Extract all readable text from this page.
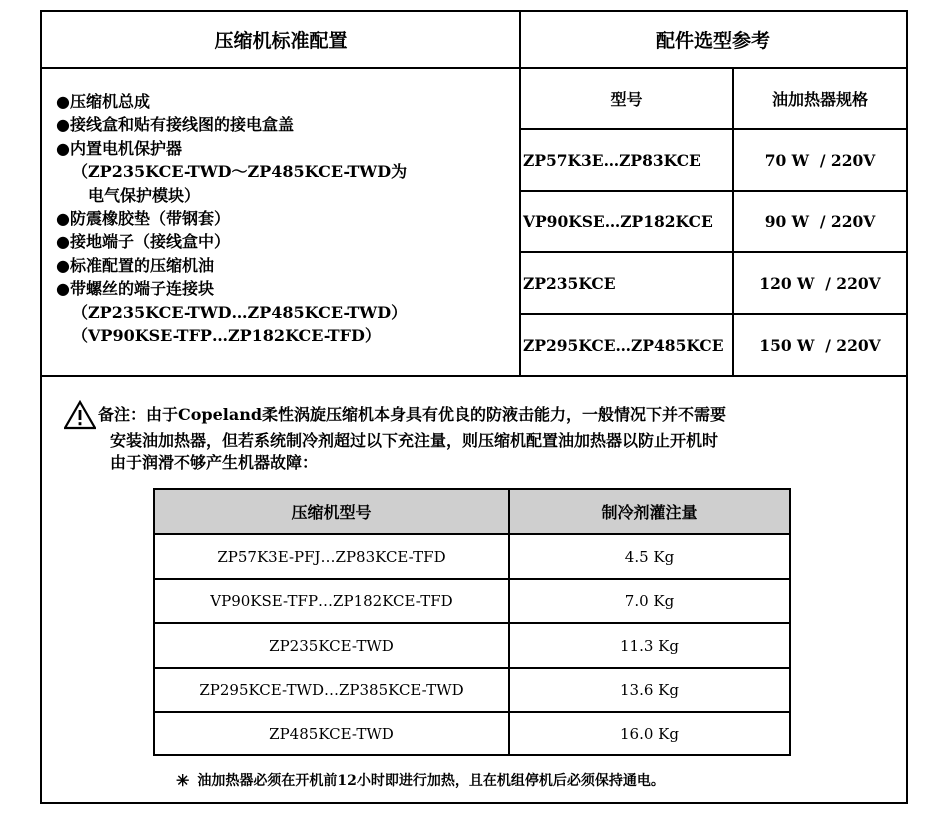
压缩机标准配置	配件选型参考
●压缩机总成
●接线盒和贴有接线图的接电盒盖
●内置电机保护器
（ZP235KCE-TWD～ZP485KCE-TWD为
电气保护模块）
●防震橡胶垫（带钢套）
●接地端子（接线盒中）
●标准配置的压缩机油
●带螺丝的端子连接块
（ZP235KCE-TWD…ZP485KCE-TWD）
（VP90KSE-TFP…ZP182KCE-TFD）
型号	油加热器规格
ZP57K3E…ZP83KCE	70 W  / 220V
VP90KSE…ZP182KCE	90 W  / 220V
ZP235KCE	120 W  / 220V
ZP295KCE…ZP485KCE	150 W  / 220V
备注：由于Copeland柔性涡旋压缩机本身具有优良的防液击能力，一般情况下并不需要
安装油加热器，但若系统制冷剂超过以下充注量，则压缩机配置油加热器以防止开机时
由于润滑不够产生机器故障：
压缩机型号	制冷剂灌注量
ZP57K3E-PFJ…ZP83KCE-TFD	4.5 Kg
VP90KSE-TFP…ZP182KCE-TFD	7.0 Kg
ZP235KCE-TWD	11.3 Kg
ZP295KCE-TWD…ZP385KCE-TWD	13.6 Kg
ZP485KCE-TWD	16.0 Kg
✳ 油加热器必须在开机前12小时即进行加热，且在机组停机后必须保持通电。
